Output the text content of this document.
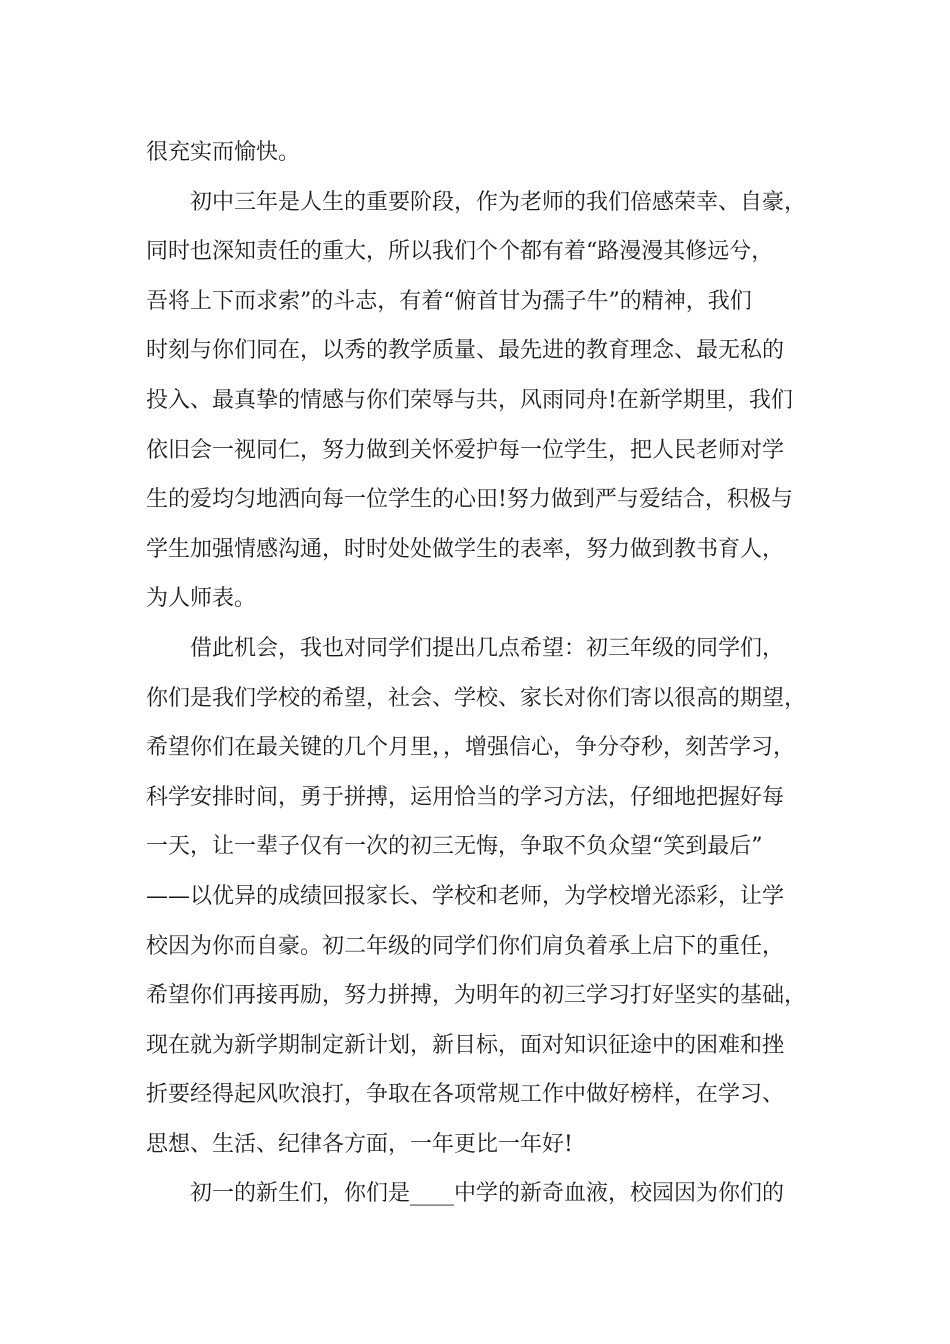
很充实而愉快。
初中三年是人生的重要阶段，作为老师的我们倍感荣幸、自豪，
同时也深知责任的重大，所以我们个个都有着“路漫漫其修远兮，
吾将上下而求索”的斗志，有着“俯首甘为孺子牛”的精神，我们
时刻与你们同在，以秀的教学质量、最先进的教育理念、最无私的
投入、最真挚的情感与你们荣辱与共，风雨同舟!在新学期里，我们
依旧会一视同仁，努力做到关怀爱护每一位学生，把人民老师对学
生的爱均匀地洒向每一位学生的心田!努力做到严与爱结合，积极与
学生加强情感沟通，时时处处做学生的表率，努力做到教书育人，
为人师表。
借此机会，我也对同学们提出几点希望：初三年级的同学们，
你们是我们学校的希望，社会、学校、家长对你们寄以很高的期望，
希望你们在最关键的几个月里，，增强信心，争分夺秒，刻苦学习，
科学安排时间，勇于拼搏，运用恰当的学习方法，仔细地把握好每
一天，让一辈子仅有一次的初三无悔，争取不负众望“笑到最后”
——以优异的成绩回报家长、学校和老师，为学校增光添彩，让学
校因为你而自豪。初二年级的同学们你们肩负着承上启下的重任，
希望你们再接再励，努力拼搏，为明年的初三学习打好坚实的基础，
现在就为新学期制定新计划，新目标，面对知识征途中的困难和挫
折要经得起风吹浪打，争取在各项常规工作中做好榜样，在学习、
思想、生活、纪律各方面，一年更比一年好!
初一的新生们，你们是____中学的新奇血液，校园因为你们的
